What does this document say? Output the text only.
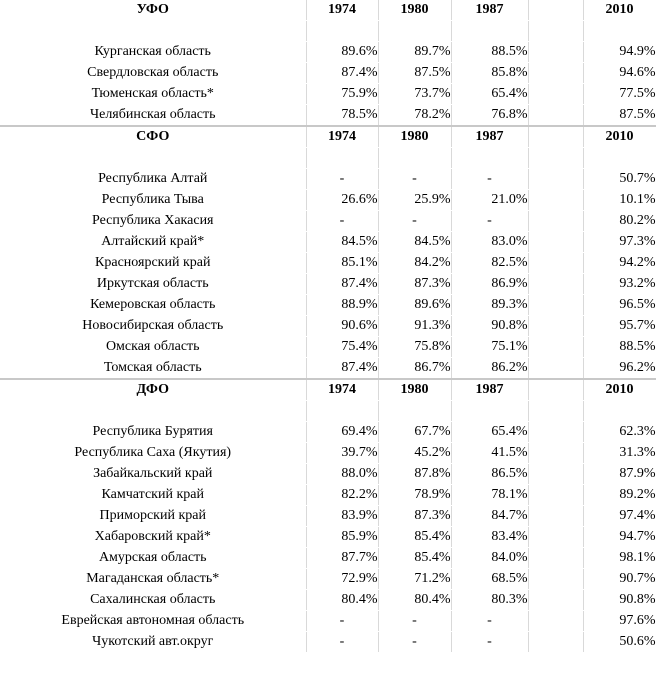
УФО	1974	1980	1987		2010

Курганская область	89.6%	89.7%	88.5%		94.9%
Свердловская область	87.4%	87.5%	85.8%		94.6%
Тюменская область*	75.9%	73.7%	65.4%		77.5%
Челябинская область	78.5%	78.2%	76.8%		87.5%
СФО	1974	1980	1987		2010

Республика Алтай	-	-	-		50.7%
Республика Тыва	26.6%	25.9%	21.0%		10.1%
Республика Хакасия	-	-	-		80.2%
Алтайский край*	84.5%	84.5%	83.0%		97.3%
Красноярский край	85.1%	84.2%	82.5%		94.2%
Иркутская область	87.4%	87.3%	86.9%		93.2%
Кемеровская область	88.9%	89.6%	89.3%		96.5%
Новосибирская область	90.6%	91.3%	90.8%		95.7%
Омская область	75.4%	75.8%	75.1%		88.5%
Томская область	87.4%	86.7%	86.2%		96.2%
ДФО	1974	1980	1987		2010

Республика Бурятия	69.4%	67.7%	65.4%		62.3%
Республика Саха (Якутия)	39.7%	45.2%	41.5%		31.3%
Забайкальский край	88.0%	87.8%	86.5%		87.9%
Камчатский край	82.2%	78.9%	78.1%		89.2%
Приморский край	83.9%	87.3%	84.7%		97.4%
Хабаровский край*	85.9%	85.4%	83.4%		94.7%
Амурская область	87.7%	85.4%	84.0%		98.1%
Магаданская область*	72.9%	71.2%	68.5%		90.7%
Сахалинская область	80.4%	80.4%	80.3%		90.8%
Еврейская автономная область	-	-	-		97.6%
Чукотский авт.округ	-	-	-		50.6%
